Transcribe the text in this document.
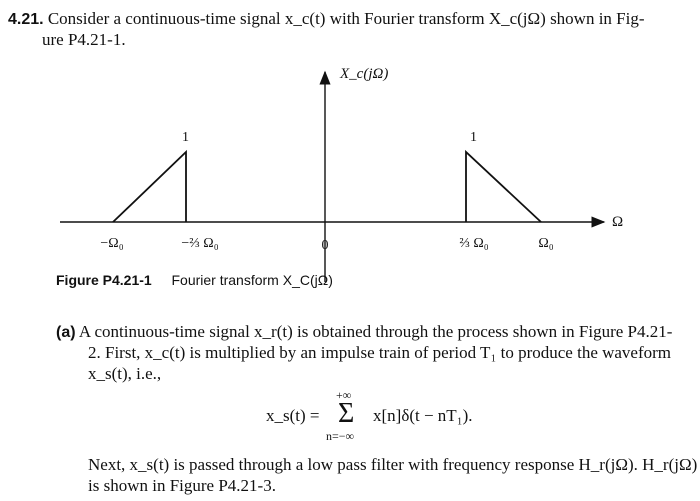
4.21. Consider a continuous-time signal x_c(t) with Fourier transform X_c(jΩ) shown in Fig-
ure P4.21-1.
X_c(jΩ)
Ω
1	1
−Ω₀	−⅔ Ω₀	0	⅔ Ω₀	Ω₀
Figure P4.21-1 Fourier transform X_C(jΩ)
(a) A continuous-time signal x_r(t) is obtained through the process shown in Figure P4.21-
2. First, x_c(t) is multiplied by an impulse train of period T₁ to produce the waveform
x_s(t), i.e.,
x_s(t) =
+∞
Σ
n=−∞
x[n]δ(t − nT₁).
Next, x_s(t) is passed through a low pass filter with frequency response H_r(jΩ). H_r(jΩ)
is shown in Figure P4.21-3.
